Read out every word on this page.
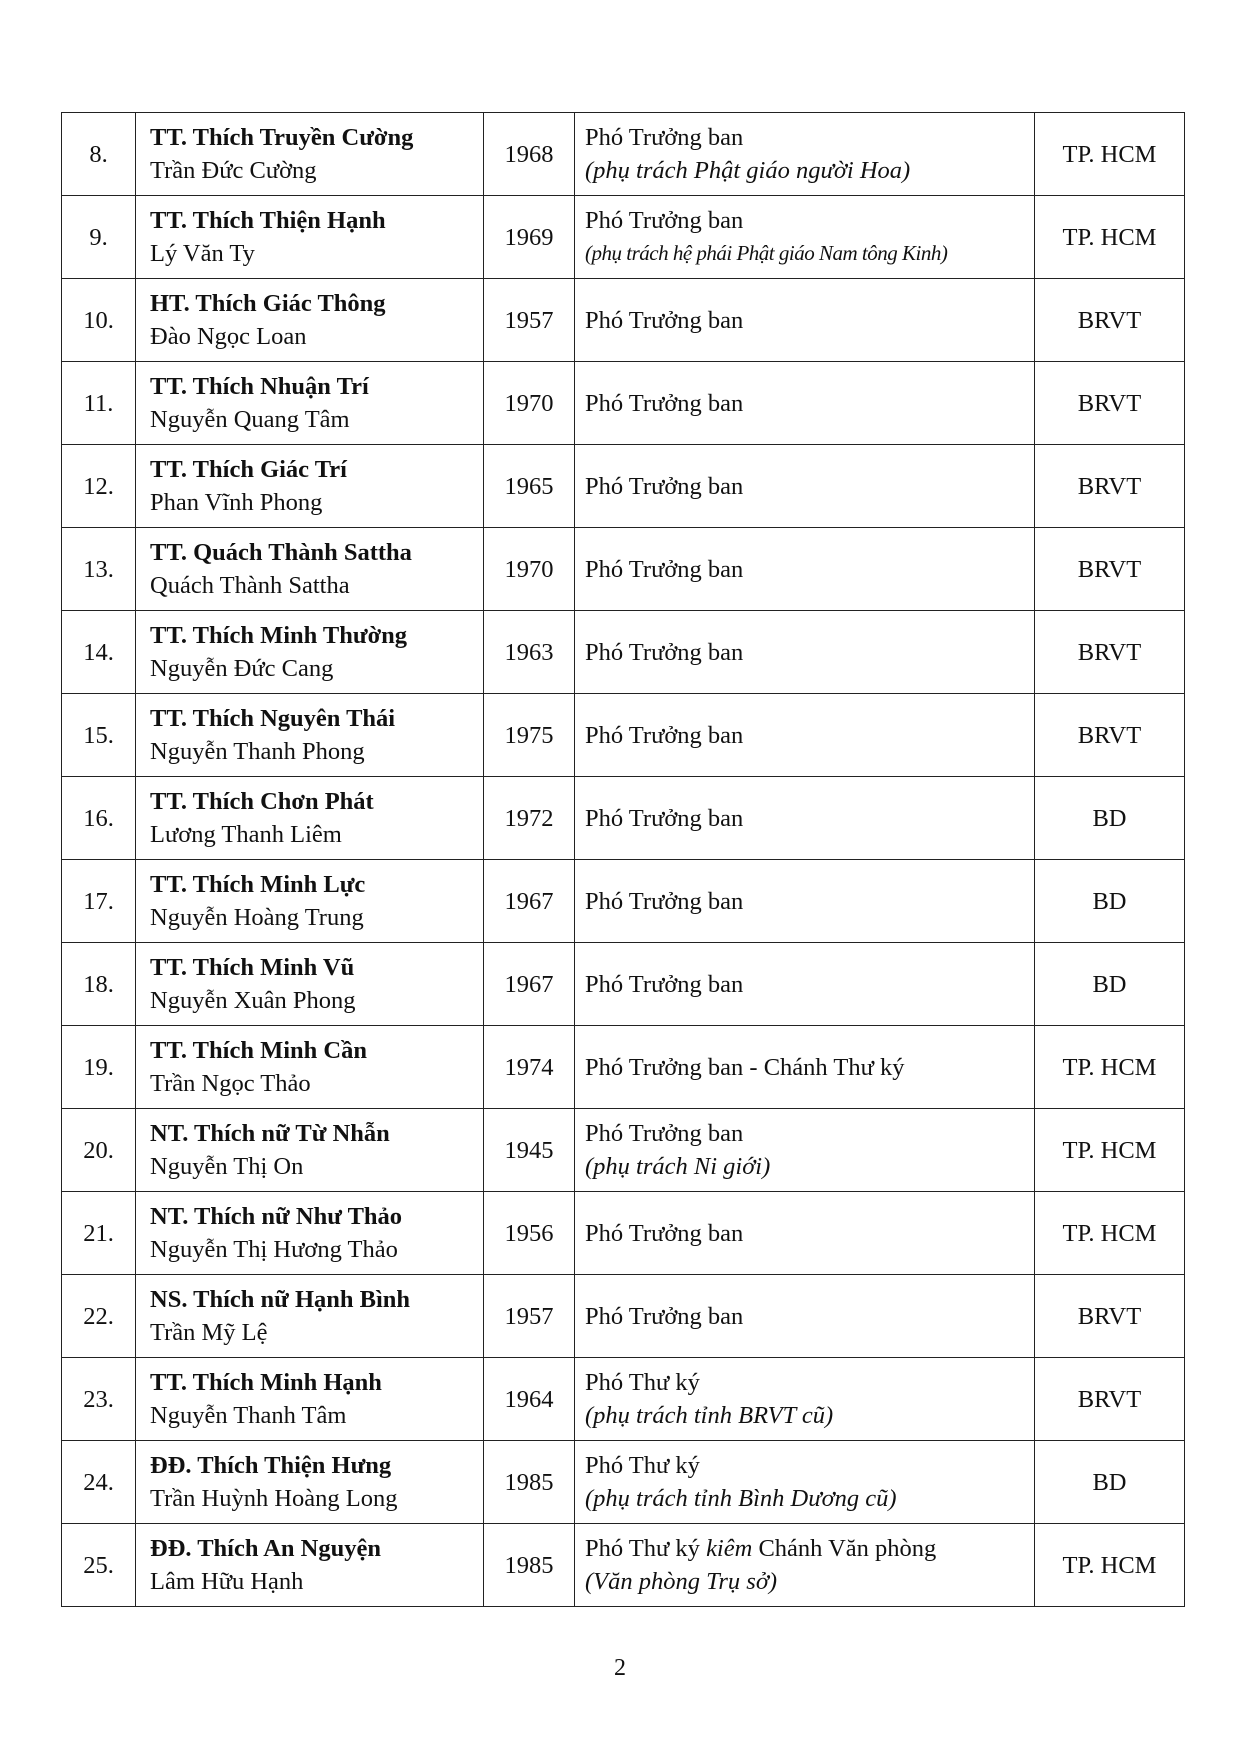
8.	TT. Thích Truyền Cường
Trần Đức Cường	1968	Phó Trưởng ban
(phụ trách Phật giáo người Hoa)	TP. HCM
9.	TT. Thích Thiện Hạnh
Lý Văn Ty	1969	Phó Trưởng ban
(phụ trách hệ phái Phật giáo Nam tông Kinh)	TP. HCM
10.	HT. Thích Giác Thông
Đào Ngọc Loan	1957	Phó Trưởng ban	BRVT
11.	TT. Thích Nhuận Trí
Nguyễn Quang Tâm	1970	Phó Trưởng ban	BRVT
12.	TT. Thích Giác Trí
Phan Vĩnh Phong	1965	Phó Trưởng ban	BRVT
13.	TT. Quách Thành Sattha
Quách Thành Sattha	1970	Phó Trưởng ban	BRVT
14.	TT. Thích Minh Thường
Nguyễn Đức Cang	1963	Phó Trưởng ban	BRVT
15.	TT. Thích Nguyên Thái
Nguyễn Thanh Phong	1975	Phó Trưởng ban	BRVT
16.	TT. Thích Chơn Phát
Lương Thanh Liêm	1972	Phó Trưởng ban	BD
17.	TT. Thích Minh Lực
Nguyễn Hoàng Trung	1967	Phó Trưởng ban	BD
18.	TT. Thích Minh Vũ
Nguyễn Xuân Phong	1967	Phó Trưởng ban	BD
19.	TT. Thích Minh Cần
Trần Ngọc Thảo	1974	Phó Trưởng ban - Chánh Thư ký	TP. HCM
20.	NT. Thích nữ Từ Nhẫn
Nguyễn Thị On	1945	Phó Trưởng ban
(phụ trách Ni giới)	TP. HCM
21.	NT. Thích nữ Như Thảo
Nguyễn Thị Hương Thảo	1956	Phó Trưởng ban	TP. HCM
22.	NS. Thích nữ Hạnh Bình
Trần Mỹ Lệ	1957	Phó Trưởng ban	BRVT
23.	TT. Thích Minh Hạnh
Nguyễn Thanh Tâm	1964	Phó Thư ký
(phụ trách tỉnh BRVT cũ)	BRVT
24.	ĐĐ. Thích Thiện Hưng
Trần Huỳnh Hoàng Long	1985	Phó Thư ký
(phụ trách tỉnh Bình Dương cũ)	BD
25.	ĐĐ. Thích An Nguyện
Lâm Hữu Hạnh	1985	Phó Thư ký kiêm Chánh Văn phòng
(Văn phòng Trụ sở)	TP. HCM
2
